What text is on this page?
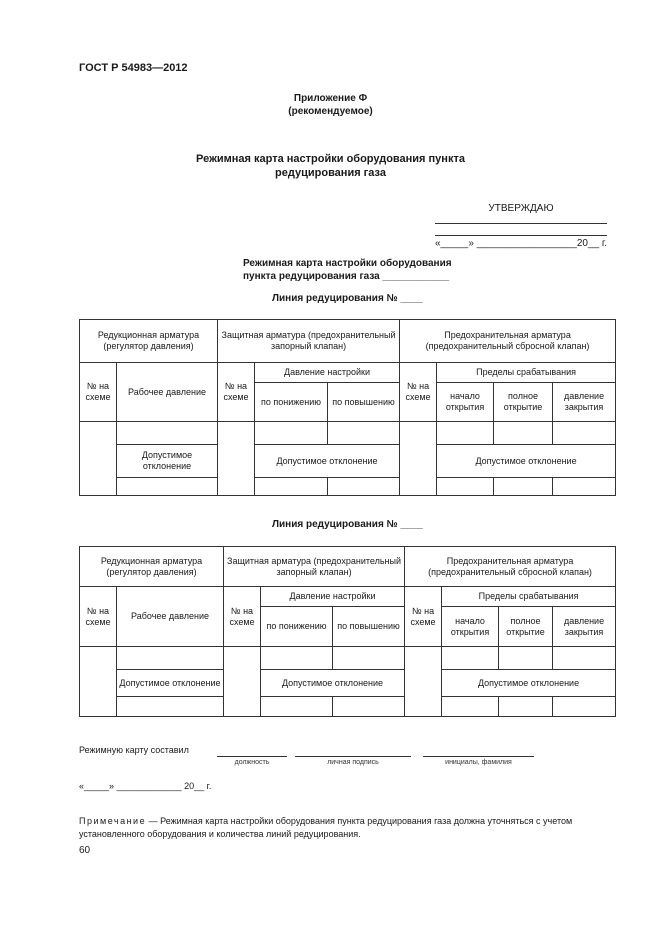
ГОСТ Р 54983—2012
Приложение Ф
(рекомендуемое)
Режимная карта настройки оборудования пункта
редуцирования газа
УТВЕРЖДАЮ
«_____» __________________20__ г.
Режимная карта настройки оборудования
пункта редуцирования газа ____________
Линия редуцирования № ____
Редукционная арматура (регулятор давления)		Защитная арматура (предохранительный запорный клапан)			Предохранительная арматура (предохранительный сбросной клапан)			
№ на схеме	Рабочее давление	№ на схеме	Давление настройки		№ на схеме	Пределы срабатывания		
			по понижению	по повышению		начало открытия	полное открытие	давление закрытия

	Допустимое отклонение		Допустимое отклонение			Допустимое отклонение		

Линия редуцирования № ____
Редукционная арматура (регулятор давления)		Защитная арматура (предохранительный запорный клапан)			Предохранительная арматура (предохранительный сбросной клапан)			
№ на схеме	Рабочее давление	№ на схеме	Давление настройки		№ на схеме	Пределы срабатывания		
			по понижению	по повышению		начало открытия	полное открытие	давление закрытия

	Допустимое отклонение		Допустимое отклонение			Допустимое отклонение		

Режимную карту составил
должность	личная подпись	инициалы, фамилия
«_____» _____________ 20__ г.
Примечание — Режимная карта настройки оборудования пункта редуцирования газа должна уточняться с учетом установленного оборудования и количества линий редуцирования.
60
